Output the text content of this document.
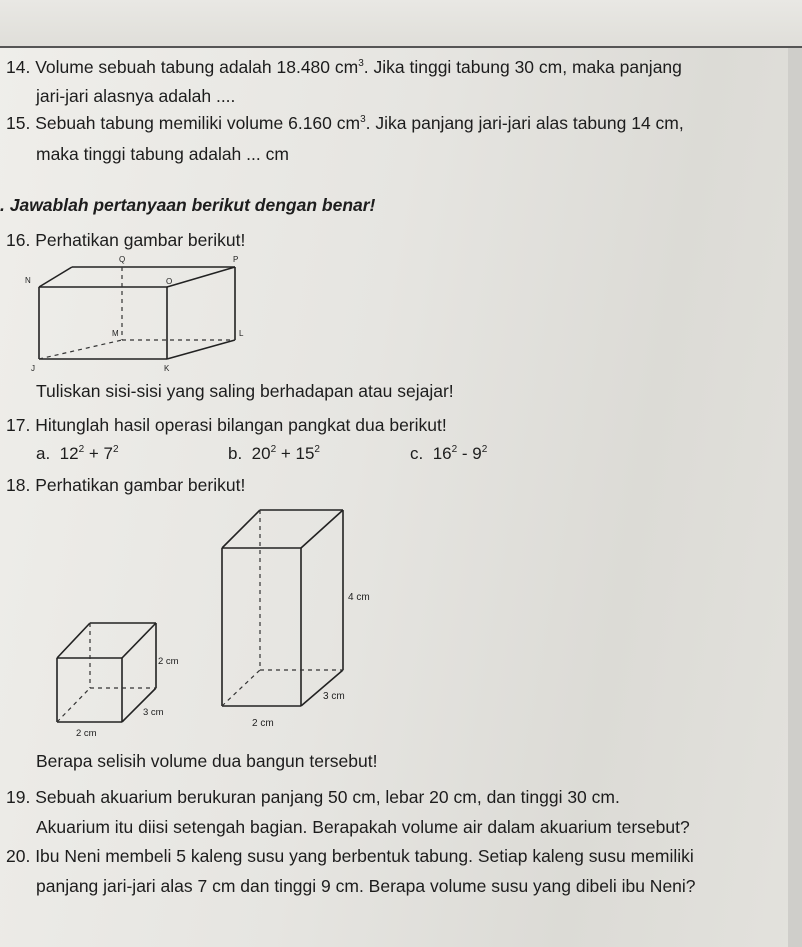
14. Volume sebuah tabung adalah 18.480 $cm^3$. Jika tinggi tabung 30 cm, maka panjang
jari-jari alasnya adalah ....
15. Sebuah tabung memiliki volume 6.160 $cm^3$. Jika panjang jari-jari alas tabung 14 cm,
maka tinggi tabung adalah ... cm
. Jawablah pertanyaan berikut dengan benar!
16. Perhatikan gambar berikut!
N	O
P
Q
J	K
L
M
Tuliskan sisi-sisi yang saling berhadapan atau sejajar!
17. Hitunglah hasil operasi bilangan pangkat dua berikut!
a. $12^2 + 7^2$	b. $20^2 + 15^2$	c. $16^2 - 9^2$
18. Perhatikan gambar berikut!
2 cm
3 cm
2 cm
4 cm
3 cm
2 cm
Berapa selisih volume dua bangun tersebut!
19. Sebuah akuarium berukuran panjang 50 cm, lebar 20 cm, dan tinggi 30 cm.
Akuarium itu diisi setengah bagian. Berapakah volume air dalam akuarium tersebut?
20. Ibu Neni membeli 5 kaleng susu yang berbentuk tabung. Setiap kaleng susu memiliki
panjang jari-jari alas 7 cm dan tinggi 9 cm. Berapa volume susu yang dibeli ibu Neni?
